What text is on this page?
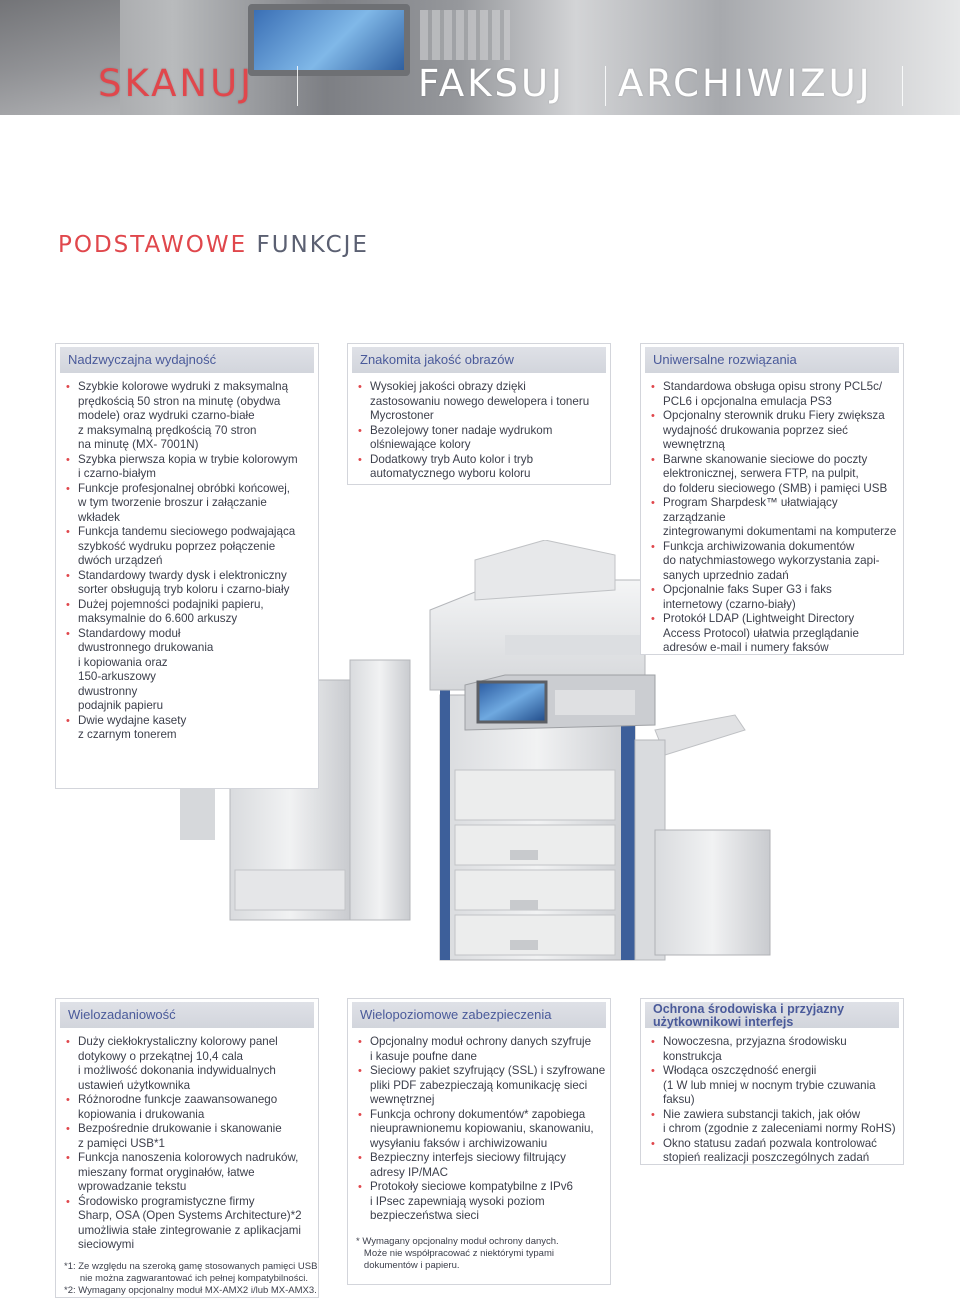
SKANUJ	FAKSUJ ARCHIWIZUJ
PODSTAWOWE FUNKCJE
Nadzwyczajna wydajność
• Szybkie kolorowe wydruki z maksymalną
prędkością 50 stron na minutę (obydwa
modele) oraz wydruki czarno-białe
z maksymalną prędkością 70 stron
na minutę (MX- 7001N)
• Szybka pierwsza kopia w trybie kolorowym
i czarno-białym
• Funkcje profesjonalnej obróbki końcowej,
w tym tworzenie broszur i załączanie
wkładek
• Funkcja tandemu sieciowego podwajająca
szybkość wydruku poprzez połączenie
dwóch urządzeń
• Standardowy twardy dysk i elektroniczny
sorter obsługują tryb koloru i czarno-biały
• Dużej pojemności podajniki papieru,
maksymalnie do 6.600 arkuszy
• Standardowy moduł
dwustronnego drukowania
i kopiowania oraz
150-arkuszowy
dwustronny
podajnik papieru
• Dwie wydajne kasety
z czarnym tonerem
Znakomita jakość obrazów
• Wysokiej jakości obrazy dzięki
zastosowaniu nowego dewelopera i toneru
Mycrostoner
• Bezolejowy toner nadaje wydrukom
olśniewające kolory
• Dodatkowy tryb Auto kolor i tryb
automatycznego wyboru koloru
Uniwersalne rozwiązania
• Standardowa obsługa opisu strony PCL5c/
PCL6 i opcjonalna emulacja PS3
• Opcjonalny sterownik druku Fiery zwiększa
wydajność drukowania poprzez sieć
wewnętrzną
• Barwne skanowanie sieciowe do poczty
elektronicznej, serwera FTP, na pulpit,
do folderu sieciowego (SMB) i pamięci USB
• Program Sharpdesk™ ułatwiający zarządzanie
zintegrowanymi dokumentami na komputerze
• Funkcja archiwizowania dokumentów
do natychmiastowego wykorzystania zapi-
sanych uprzednio zadań
• Opcjonalnie faks Super G3 i faks
internetowy (czarno-biały)
• Protokół LDAP (Lightweight Directory
Access Protocol) ułatwia przeglądanie
adresów e-mail i numery faksów
Wielozadaniowość
• Duży ciekłokrystaliczny kolorowy panel
dotykowy o przekątnej 10,4 cala
i możliwość dokonania indywidualnych
ustawień użytkownika
• Różnorodne funkcje zaawansowanego
kopiowania i drukowania
• Bezpośrednie drukowanie i skanowanie
z pamięci USB*1
• Funkcja nanoszenia kolorowych nadruków,
mieszany format oryginałów, łatwe
wprowadzanie tekstu
• Środowisko programistyczne firmy
Sharp, OSA (Open Systems Architecture)*2
umożliwia stałe zintegrowanie z aplikacjami
sieciowymi
*1: Ze względu na szeroką gamę stosowanych pamięci USB
nie można zagwarantować ich pełnej kompatybilności.
*2: Wymagany opcjonalny moduł MX-AMX2 i/lub MX-AMX3.
Wielopoziomowe zabezpieczenia
• Opcjonalny moduł ochrony danych szyfruje
i kasuje poufne dane
• Sieciowy pakiet szyfrujący (SSL) i szyfrowane
pliki PDF zabezpieczają komunikację sieci
wewnętrznej
• Funkcja ochrony dokumentów* zapobiega
nieuprawnionemu kopiowaniu, skanowaniu,
wysyłaniu faksów i archiwizowaniu
• Bezpieczny interfejs sieciowy filtrujący
adresy IP/MAC
• Protokoły sieciowe kompatybilne z IPv6
i IPsec zapewniają wysoki poziom
bezpieczeństwa sieci
* Wymagany opcjonalny moduł ochrony danych.
Może nie współpracować z niektórymi typami
dokumentów i papieru.
Ochrona środowiska i przyjazny
użytkownikowi interfejs
• Nowoczesna, przyjazna środowisku
konstrukcja
• Włodąca oszczędność energii
(1 W lub mniej w nocnym trybie czuwania faksu)
• Nie zawiera substancji takich, jak ołów
i chrom (zgodnie z zaleceniami normy RoHS)
• Okno statusu zadań pozwala kontrolować
stopień realizacji poszczególnych zadań
